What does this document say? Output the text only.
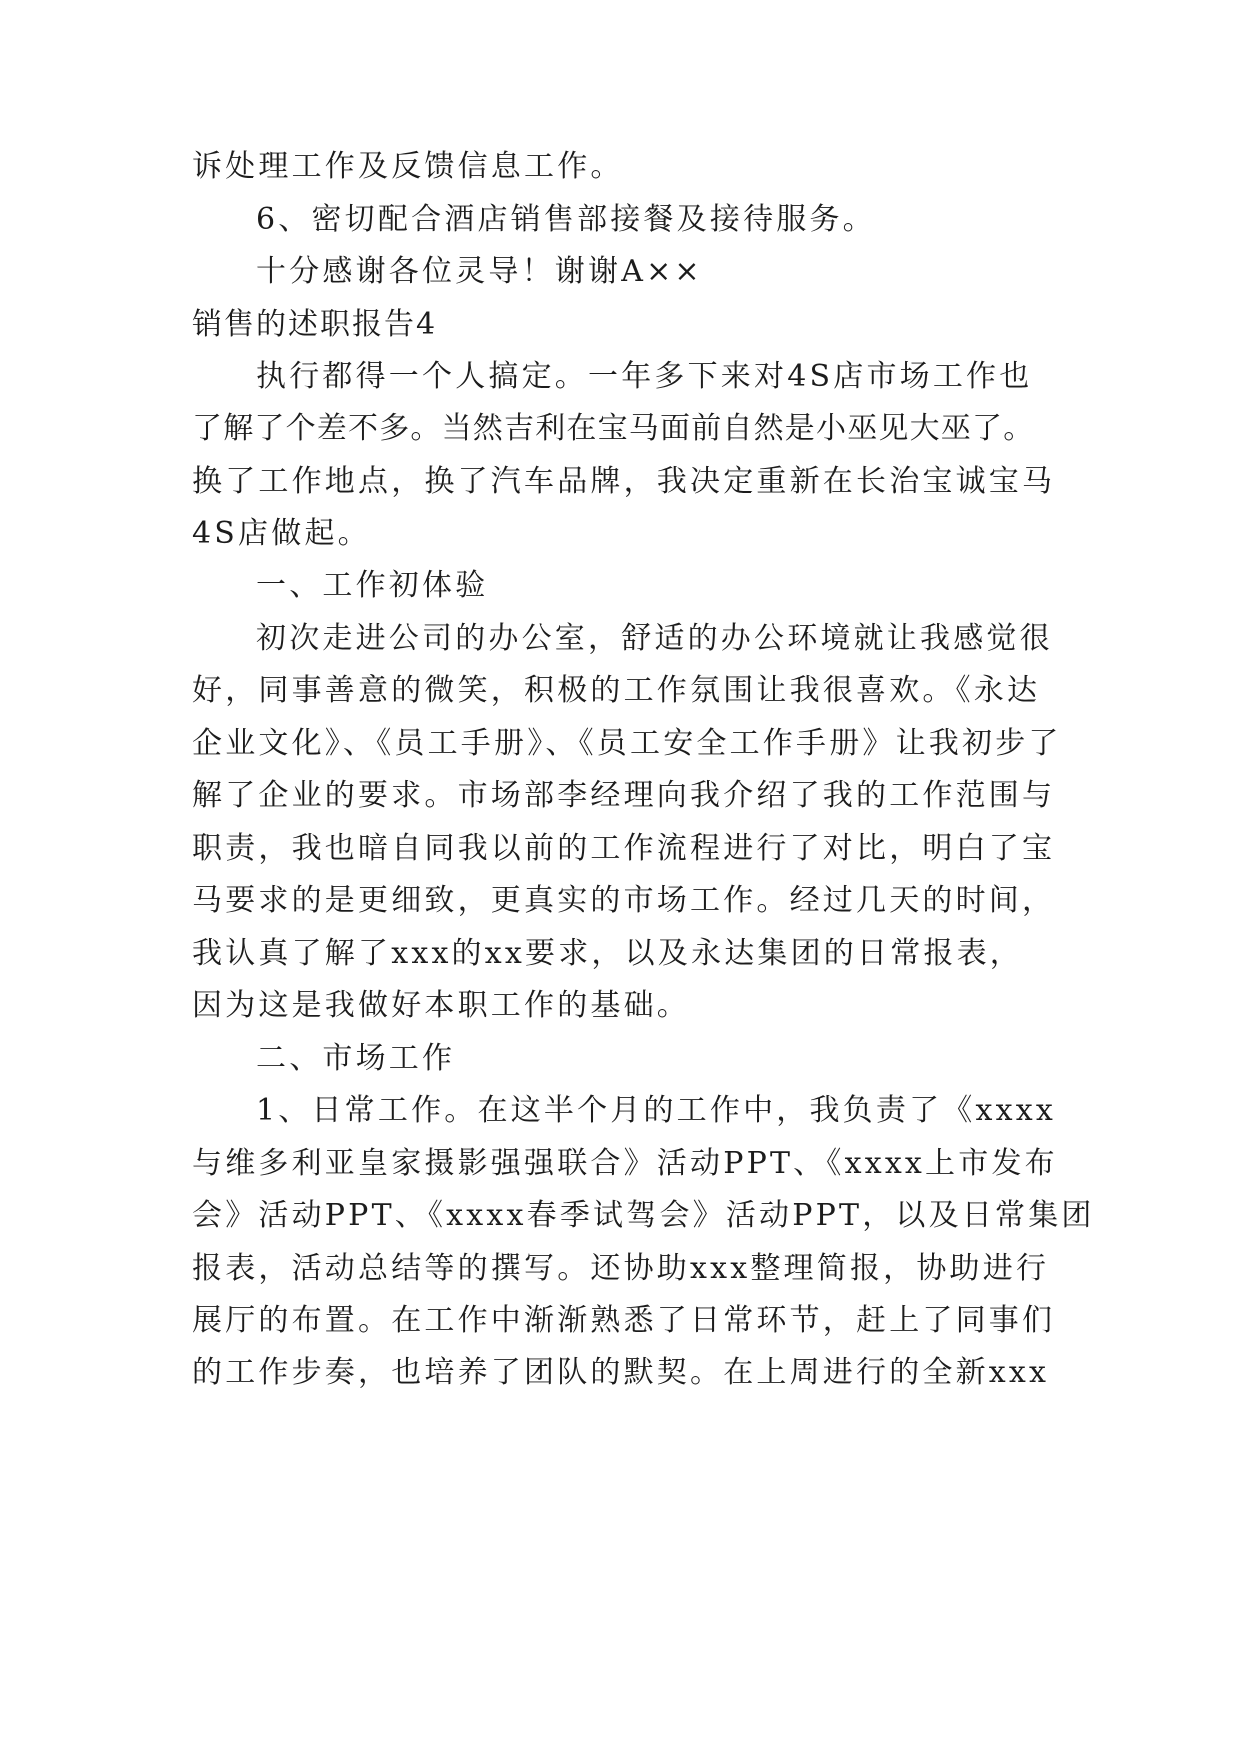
诉处理工作及反馈信息工作。

6、密切配合酒店销售部接餐及接待服务。

十分感谢各位灵导！谢谢A××

销售的述职报告4

执行都得一个人搞定。一年多下来对4S店市场工作也

了解了个差不多。当然吉利在宝马面前自然是小巫见大巫了。

换了工作地点，换了汽车品牌，我决定重新在长治宝诚宝马

4S店做起。

一、工作初体验

初次走进公司的办公室，舒适的办公环境就让我感觉很

好，同事善意的微笑，积极的工作氛围让我很喜欢。《永达

企业文化》、《员工手册》、《员工安全工作手册》让我初步了

解了企业的要求。市场部李经理向我介绍了我的工作范围与

职责，我也暗自同我以前的工作流程进行了对比，明白了宝

马要求的是更细致，更真实的市场工作。经过几天的时间，

我认真了解了xxx的xx要求，以及永达集团的日常报表，

因为这是我做好本职工作的基础。

二、市场工作

1、日常工作。在这半个月的工作中，我负责了《xxxx

与维多利亚皇家摄影强强联合》活动PPT、《xxxx上市发布

会》活动PPT、《xxxx春季试驾会》活动PPT，以及日常集团

报表，活动总结等的撰写。还协助xxx整理简报，协助进行

展厅的布置。在工作中渐渐熟悉了日常环节，赶上了同事们

的工作步奏，也培养了团队的默契。在上周进行的全新xxx
